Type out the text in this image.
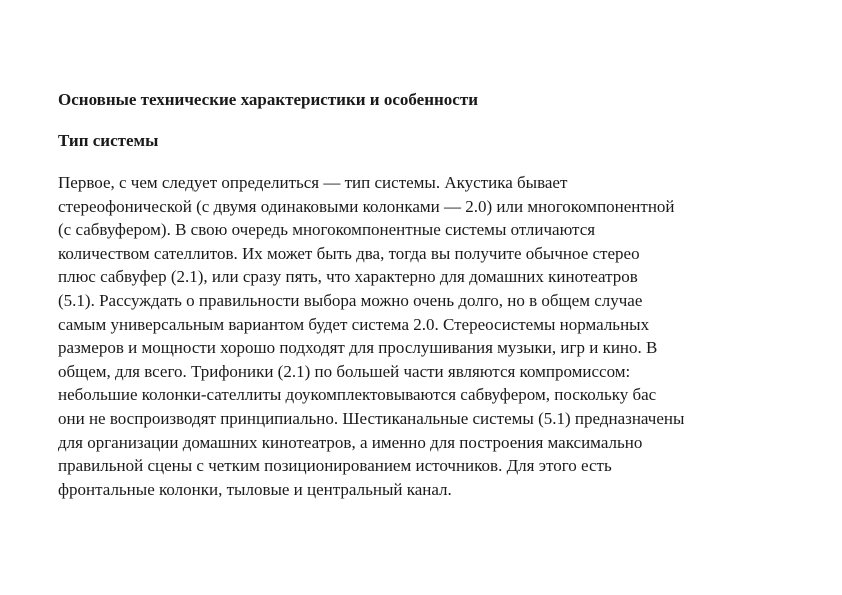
Основные технические характеристики и особенности
Тип системы

Первое, с чем следует определиться — тип системы. Акустика бывает
стереофонической (с двумя одинаковыми колонками — 2.0) или многокомпонентной
(с сабвуфером). В свою очередь многокомпонентные системы отличаются
количеством сателлитов. Их может быть два, тогда вы получите обычное стерео
плюс сабвуфер (2.1), или сразу пять, что характерно для домашних кинотеатров
(5.1). Рассуждать о правильности выбора можно очень долго, но в общем случае
самым универсальным вариантом будет система 2.0. Стереосистемы нормальных
размеров и мощности хорошо подходят для прослушивания музыки, игр и кино. В
общем, для всего. Трифоники (2.1) по большей части являются компромиссом:
небольшие колонки-сателлиты доукомплектовываются сабвуфером, поскольку бас
они не воспроизводят принципиально. Шестиканальные системы (5.1) предназначены
для организации домашних кинотеатров, а именно для построения максимально
правильной сцены с четким позиционированием источников. Для этого есть
фронтальные колонки, тыловые и центральный канал.
